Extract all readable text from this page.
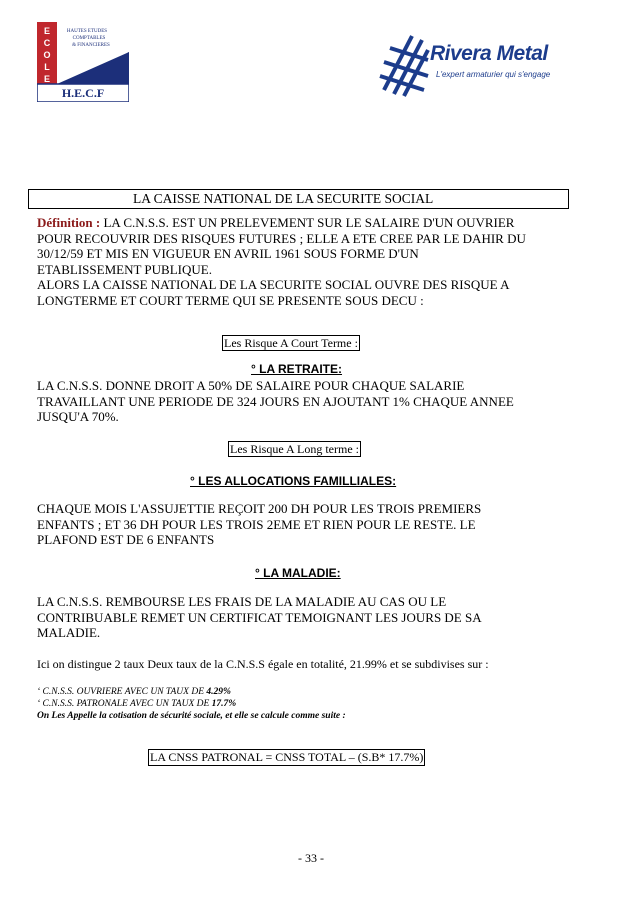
E
C
O
L
E
HAUTES ETUDES
COMPTABLES
& FINANCIERES
H.E.C.F
Rivera Metal
L'expert armaturier qui s'engage
LA CAISSE NATIONAL DE LA SECURITE SOCIAL
Définition : LA C.N.S.S. EST UN PRELEVEMENT SUR LE SALAIRE D'UN OUVRIER
POUR RECOUVRIR DES RISQUES FUTURES ; ELLE A ETE CREE PAR LE DAHIR DU
30/12/59 ET MIS EN VIGUEUR EN AVRIL 1961 SOUS FORME D'UN
ETABLISSEMENT PUBLIQUE.
ALORS LA CAISSE NATIONAL DE LA SECURITE SOCIAL OUVRE DES RISQUE A
LONGTERME ET COURT TERME QUI SE PRESENTE SOUS DECU :
Les Risque A Court Terme :
° LA RETRAITE:
LA C.N.S.S. DONNE DROIT A 50% DE SALAIRE POUR CHAQUE SALARIE
TRAVAILLANT UNE PERIODE DE 324 JOURS EN AJOUTANT 1% CHAQUE ANNEE
JUSQU'A 70%.
Les Risque A Long terme :
° LES ALLOCATIONS FAMILLIALES:
CHAQUE MOIS L'ASSUJETTIE REÇOIT 200 DH POUR LES TROIS PREMIERS
ENFANTS ; ET 36 DH POUR LES TROIS 2EME ET RIEN POUR LE RESTE. LE
PLAFOND EST DE 6 ENFANTS
° LA MALADIE:
LA C.N.S.S. REMBOURSE LES FRAIS DE LA MALADIE AU CAS OU LE
CONTRIBUABLE REMET UN CERTIFICAT TEMOIGNANT LES JOURS DE SA
MALADIE.
Ici on distingue 2 taux Deux taux de la C.N.S.S égale en totalité, 21.99% et se subdivises sur :
‘ C.N.S.S. OUVRIERE AVEC UN TAUX DE 4.29%
‘ C.N.S.S. PATRONALE AVEC UN TAUX DE 17.7%
On Les Appelle la cotisation de sécurité sociale, et elle se calcule comme suite :
LA CNSS PATRONAL = CNSS TOTAL – (S.B* 17.7%)
- 33 -
